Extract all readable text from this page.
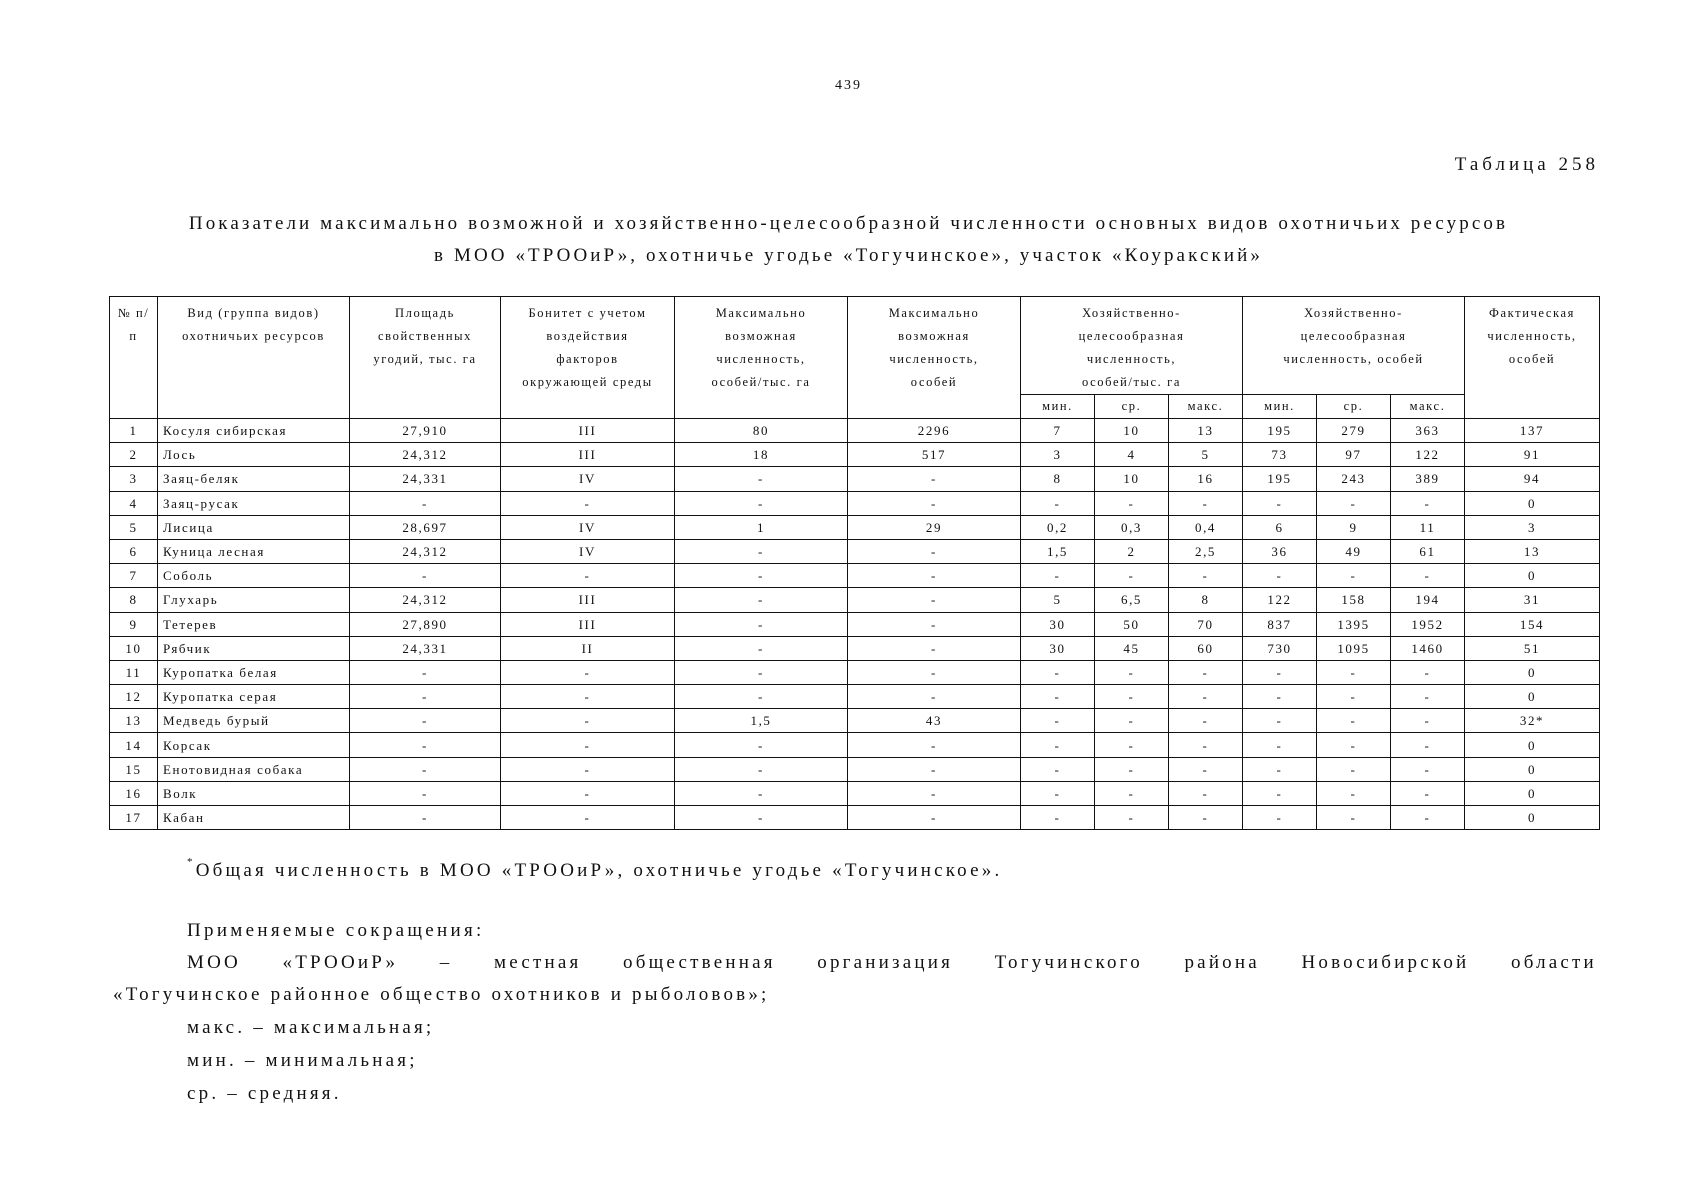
439
Таблица 258
Показатели максимально возможной и хозяйственно-целесообразной численности основных видов охотничьих ресурсов
в МОО «ТРООиР», охотничье угодье «Тогучинское», участок «Коуракский»
№ п/п	Вид (группа видов) охотничьих ресурсов	Площадь свойственных угодий, тыс. га	Бонитет с учетом воздействия факторов окружающей среды	Максимально возможная численность, особей/тыс. га	Максимально возможная численность, особей	Хозяйственно-целесообразная численность, особей/тыс. га			Хозяйственно-целесообразная численность, особей			Фактическая численность, особей
						мин.	ср.	макс.	мин.	ср.	макс.	
1	Косуля сибирская	27,910	III	80	2296	7	10	13	195	279	363	137
2	Лось	24,312	III	18	517	3	4	5	73	97	122	91
3	Заяц-беляк	24,331	IV	-	-	8	10	16	195	243	389	94
4	Заяц-русак	-	-	-	-	-	-	-	-	-	-	0
5	Лисица	28,697	IV	1	29	0,2	0,3	0,4	6	9	11	3
6	Куница лесная	24,312	IV	-	-	1,5	2	2,5	36	49	61	13
7	Соболь	-	-	-	-	-	-	-	-	-	-	0
8	Глухарь	24,312	III	-	-	5	6,5	8	122	158	194	31
9	Тетерев	27,890	III	-	-	30	50	70	837	1395	1952	154
10	Рябчик	24,331	II	-	-	30	45	60	730	1095	1460	51
11	Куропатка белая	-	-	-	-	-	-	-	-	-	-	0
12	Куропатка серая	-	-	-	-	-	-	-	-	-	-	0
13	Медведь бурый	-	-	1,5	43	-	-	-	-	-	-	32*
14	Корсак	-	-	-	-	-	-	-	-	-	-	0
15	Енотовидная собака	-	-	-	-	-	-	-	-	-	-	0
16	Волк	-	-	-	-	-	-	-	-	-	-	0
17	Кабан	-	-	-	-	-	-	-	-	-	-	0
*Общая численность в МОО «ТРООиР», охотничье угодье «Тогучинское».
Применяемые сокращения:
МОО «ТРООиР» – местная общественная организация Тогучинского района Новосибирской области
«Тогучинское районное общество охотников и рыболовов»;
макс. – максимальная;
мин. – минимальная;
ср. – средняя.
